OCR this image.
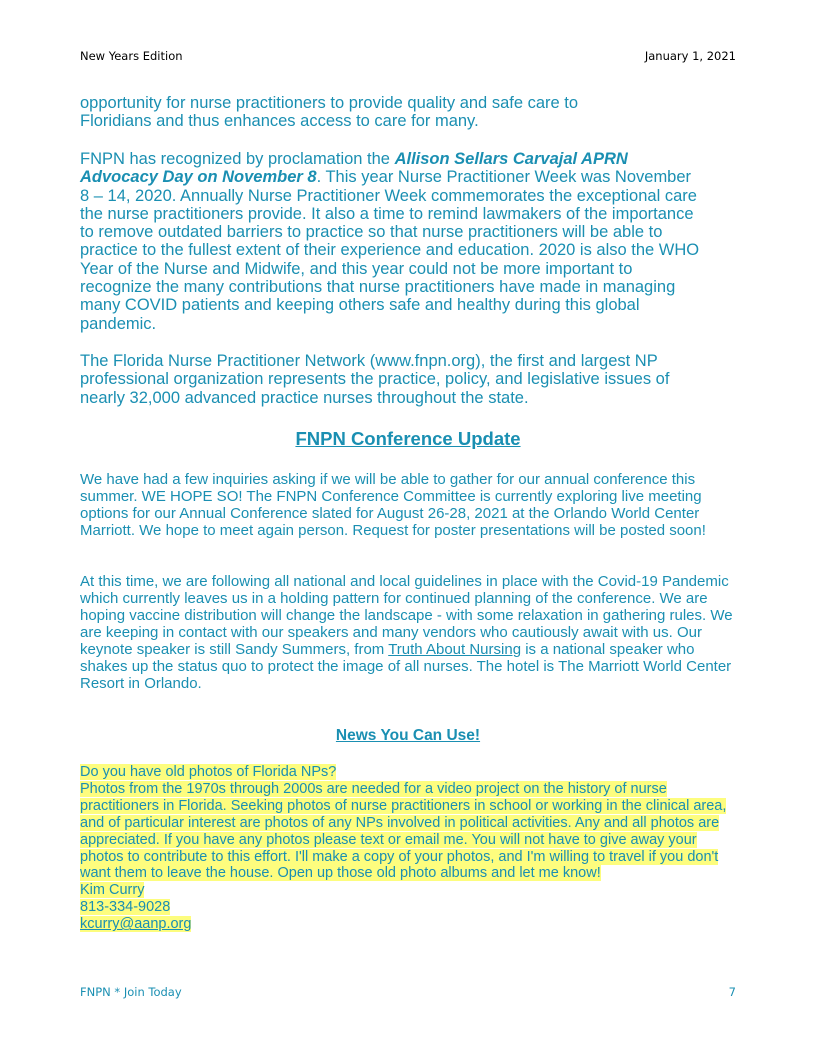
New Years Edition	January 1, 2021

opportunity for nurse practitioners to provide quality and safe care to

Floridians and thus enhances access to care for many.

FNPN has recognized by proclamation the Allison Sellars Carvajal APRN Advocacy Day on November 8. This year Nurse Practitioner Week was November 8 – 14, 2020. Annually Nurse Practitioner Week commemorates the exceptional care the nurse practitioners provide. It also a time to remind lawmakers of the importance to remove outdated barriers to practice so that nurse practitioners will be able to practice to the fullest extent of their experience and education. 2020 is also the WHO Year of the Nurse and Midwife, and this year could not be more important to recognize the many contributions that nurse practitioners have made in managing many COVID patients and keeping others safe and healthy during this global pandemic.

The Florida Nurse Practitioner Network (www.fnpn.org), the first and largest NP professional organization represents the practice, policy, and legislative issues of nearly 32,000 advanced practice nurses throughout the state.

FNPN Conference Update

We have had a few inquiries asking if we will be able to gather for our annual conference this summer. WE HOPE SO! The FNPN Conference Committee is currently exploring live meeting options for our Annual Conference slated for August 26-28, 2021 at the Orlando World Center Marriott. We hope to meet again person. Request for poster presentations will be posted soon!

At this time, we are following all national and local guidelines in place with the Covid-19 Pandemic which currently leaves us in a holding pattern for continued planning of the conference. We are hoping vaccine distribution will change the landscape - with some relaxation in gathering rules. We are keeping in contact with our speakers and many vendors who cautiously await with us. Our keynote speaker is still Sandy Summers, from Truth About Nursing is a national speaker who shakes up the status quo to protect the image of all nurses. The hotel is The Marriott World Center Resort in Orlando.

News You Can Use!

Do you have old photos of Florida NPs?

Photos from the 1970s through 2000s are needed for a video project on the history of nurse practitioners in Florida. Seeking photos of nurse practitioners in school or working in the clinical area, and of particular interest are photos of any NPs involved in political activities. Any and all photos are appreciated. If you have any photos please text or email me. You will not have to give away your photos to contribute to this effort. I'll make a copy of your photos, and I'm willing to travel if you don't want them to leave the house. Open up those old photo albums and let me know!

Kim Curry

813-334-9028

kcurry@aanp.org

FNPN * Join Today	7
